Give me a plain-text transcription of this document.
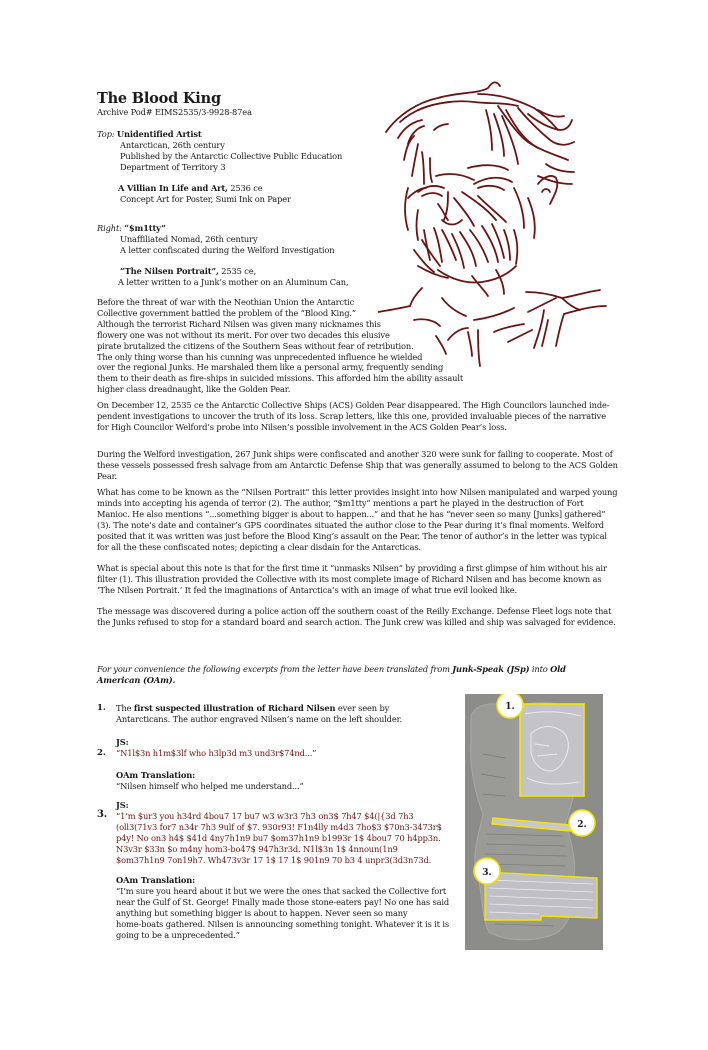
The Blood King
Archive Pod# EIMS2535/3-9928-87ea
Top: Unidentified Artist
Antarctican, 26th century
Published by the Antarctic Collective Public Education
Department of Territory 3
A Villian In Life and Art, 2536 ce
Concept Art for Poster, Sumi Ink on Paper
Right: “$m1tty”
Unaffiliated Nomad, 26th century
A letter confiscated during the Welford Investigation
“The Nilsen Portrait”, 2535 ce,
A letter written to a Junk’s mother on an Aluminum Can,
Before the threat of war with the Neothian Union the Antarctic
Collective government battled the problem of the “Blood King.”
Although the terrorist Richard Nilsen was given many nicknames this
flowery one was not without its merit. For over two decades this elusive
pirate brutalized the citizens of the Southern Seas without fear of retribution.
The only thing worse than his cunning was unprecedented influence he wielded
over the regional Junks. He marshaled them like a personal army, frequently sending
them to their death as fire-ships in suicided missions. This afforded him the ability assault
higher class dreadnaught, like the Golden Pear.
On December 12, 2535 ce the Antarctic Collective Ships (ACS) Golden Pear disappeared. The High Councilors launched inde-
pendent investigations to uncover the truth of its loss. Scrap letters, like this one, provided invaluable pieces of the narrative
for High Councilor Welford’s probe into Nilsen’s possible involvement in the ACS Golden Pear’s loss.
During the Welford investigation, 267 Junk ships were confiscated and another 320 were sunk for failing to cooperate. Most of
these vessels possessed fresh salvage from am Antarctic Defense Ship that was generally assumed to belong to the ACS Golden
Pear.
What has come to be known as the “Nilsen Portrait” this letter provides insight into how Nilsen manipulated and warped young
minds into accepting his agenda of terror (2). The author, “$m1tty” mentions a part he played in the destruction of Fort
Manioc. He also mentions “...something bigger is about to happen...” and that he has “never seen so many [Junks] gathered”
(3). The note’s date and container’s GPS coordinates situated the author close to the Pear during it’s final moments. Welford
posited that it was written was just before the Blood King’s assault on the Pear. The tenor of author’s in the letter was typical
for all the these confiscated notes; depicting a clear disdain for the Antarcticas.
What is special about this note is that for the first time it “unmasks Nilsen” by providing a first glimpse of him without his air
filter (1). This illustration provided the Collective with its most complete image of Richard Nilsen and has become known as
‘The Nilsen Portrait.’ It fed the imaginations of Antarctica’s with an image of what true evil looked like.
The message was discovered during a police action off the southern coast of the Reilly Exchange. Defense Fleet logs note that
the Junks refused to stop for a standard board and search action. The Junk crew was killed and ship was salvaged for evidence.
For your convenience the following excerpts from the letter have been translated from Junk-Speak (JSp) into Old
American (OAm).
1. The first suspected illustration of Richard Nilsen ever seen by
Antarcticans. The author engraved Nilsen’s name on the left shoulder.
JS:
2. “N1l$3n h1m$3lf who h3lp3d m3 und3r$74nd...”
OAm Translation:
“Nilsen himself who helped me understand...”
JS:
3. “1’m $ur3 you h34rd 4bou7 17 bu7 w3 w3r3 7h3 on3$ 7h47 $4(|{3d 7h3
(oll3(71v3 for7 n34r 7h3 9ulf of $7. 930r93! F1n4lly m4d3 7ho$3 $70n3-3473r$
p4y! No on3 h4$ $41d 4ny7h1n9 bu7 $om37h1n9 b1993r 1$ 4bou7 70 h4pp3n.
N3v3r $33n $o m4ny hom3-bo47$ 947h3r3d. N1l$3n 1$ 4nnoun(1n9
$om37h1n9 7on19h7. Wh473v3r 17 1$ 17 1$ 901n9 70 b3 4 unpr3(3d3n73d.
OAm Translation:
“I’m sure you heard about it but we were the ones that sacked the Collective fort
near the Gulf of St. George! Finally made those stone-eaters pay! No one has said
anything but something bigger is about to happen. Never seen so many
home-boats gathered. Nilsen is announcing something tonight. Whatever it is it is
going to be a unprecedented.”
1.
2.
3.
